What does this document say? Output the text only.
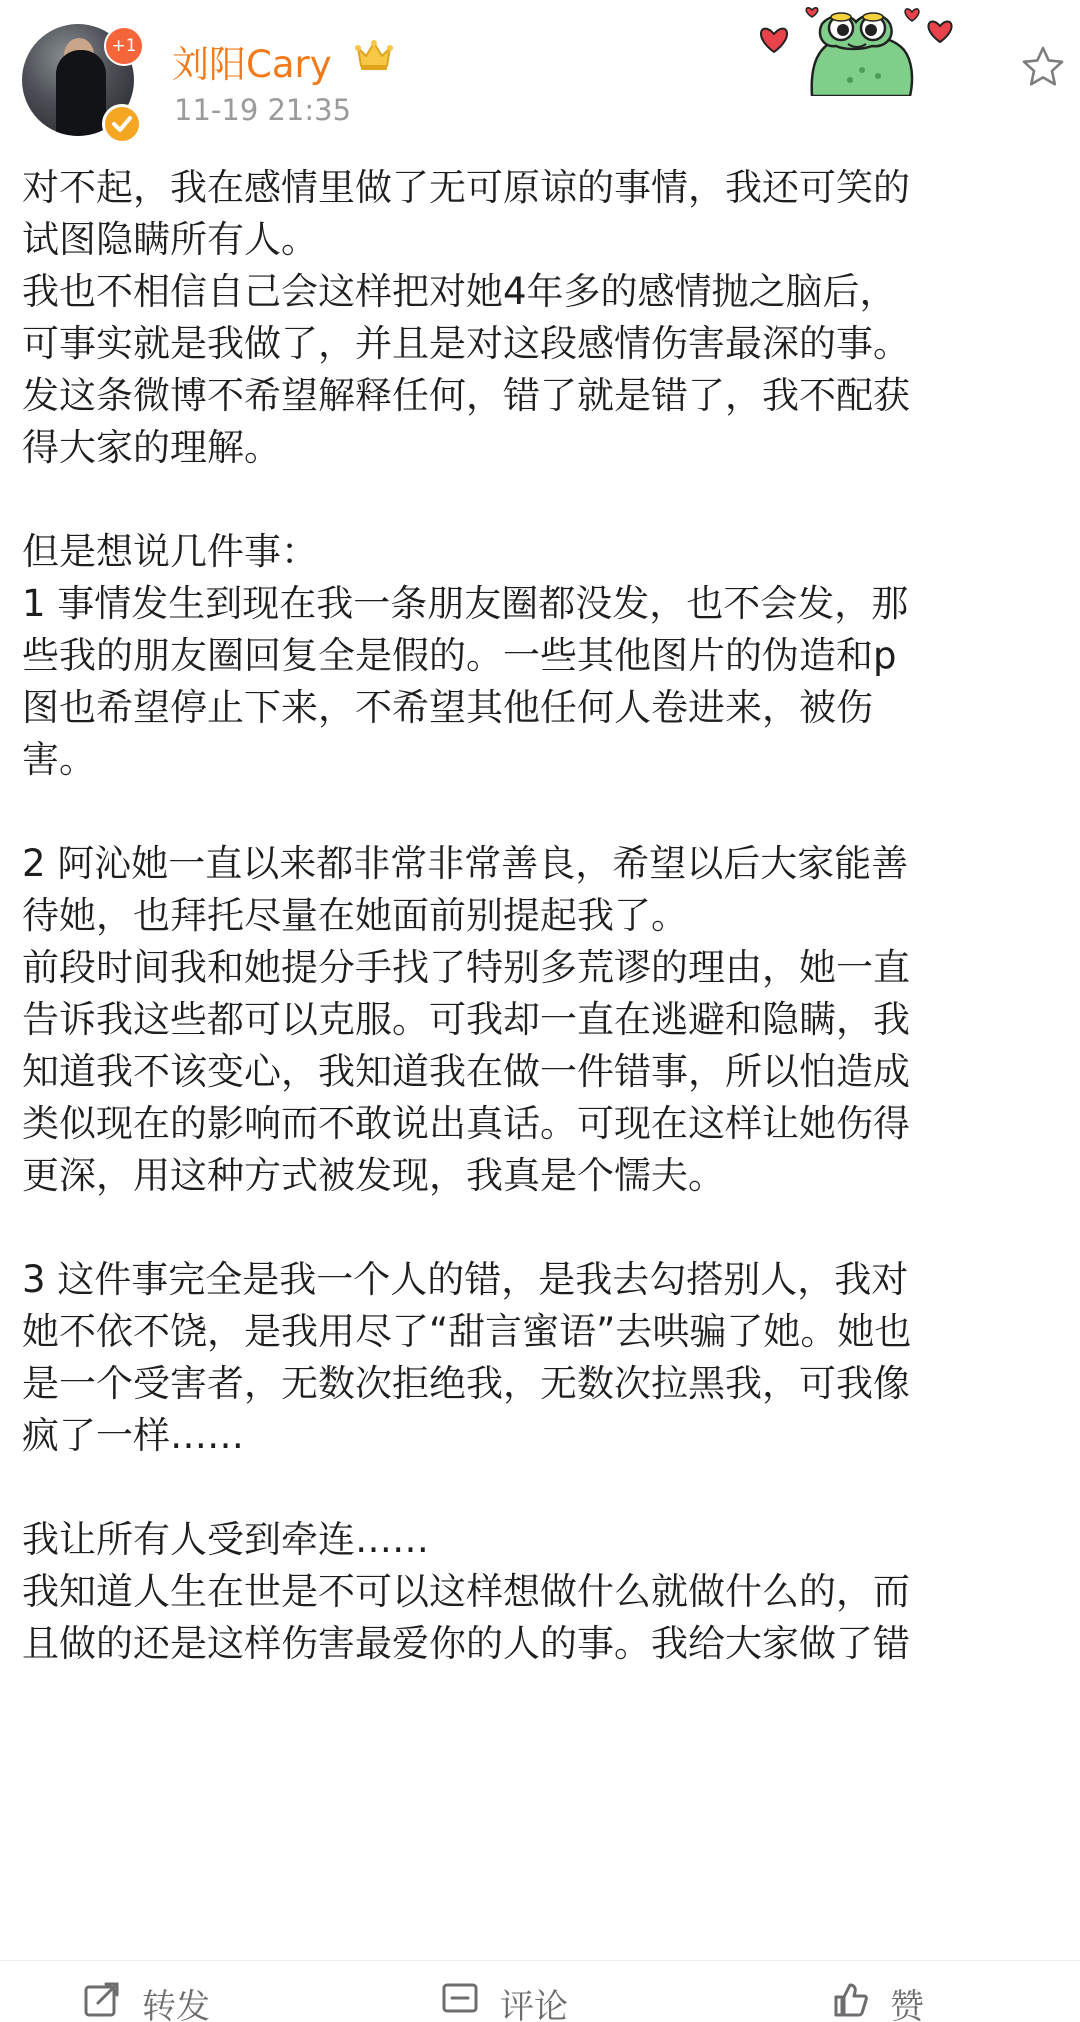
+1 刘阳Cary
11-19 21:35
对不起，我在感情里做了无可原谅的事情，我还可笑的
试图隐瞒所有人。
我也不相信自己会这样把对她4年多的感情抛之脑后，
可事实就是我做了，并且是对这段感情伤害最深的事。
发这条微博不希望解释任何，错了就是错了，我不配获
得大家的理解。
但是想说几件事：
1 事情发生到现在我一条朋友圈都没发，也不会发，那
些我的朋友圈回复全是假的。一些其他图片的伪造和p
图也希望停止下来，不希望其他任何人卷进来，被伤
害。
2 阿沁她一直以来都非常非常善良，希望以后大家能善
待她，也拜托尽量在她面前别提起我了。
前段时间我和她提分手找了特别多荒谬的理由，她一直
告诉我这些都可以克服。可我却一直在逃避和隐瞒，我
知道我不该变心，我知道我在做一件错事，所以怕造成
类似现在的影响而不敢说出真话。可现在这样让她伤得
更深，用这种方式被发现，我真是个懦夫。
3 这件事完全是我一个人的错，是我去勾搭别人，我对
她不依不饶，是我用尽了“甜言蜜语”去哄骗了她。她也
是一个受害者，无数次拒绝我，无数次拉黑我，可我像
疯了一样……
我让所有人受到牵连……
我知道人生在世是不可以这样想做什么就做什么的，而
且做的还是这样伤害最爱你的人的事。我给大家做了错
转发	评论	赞
